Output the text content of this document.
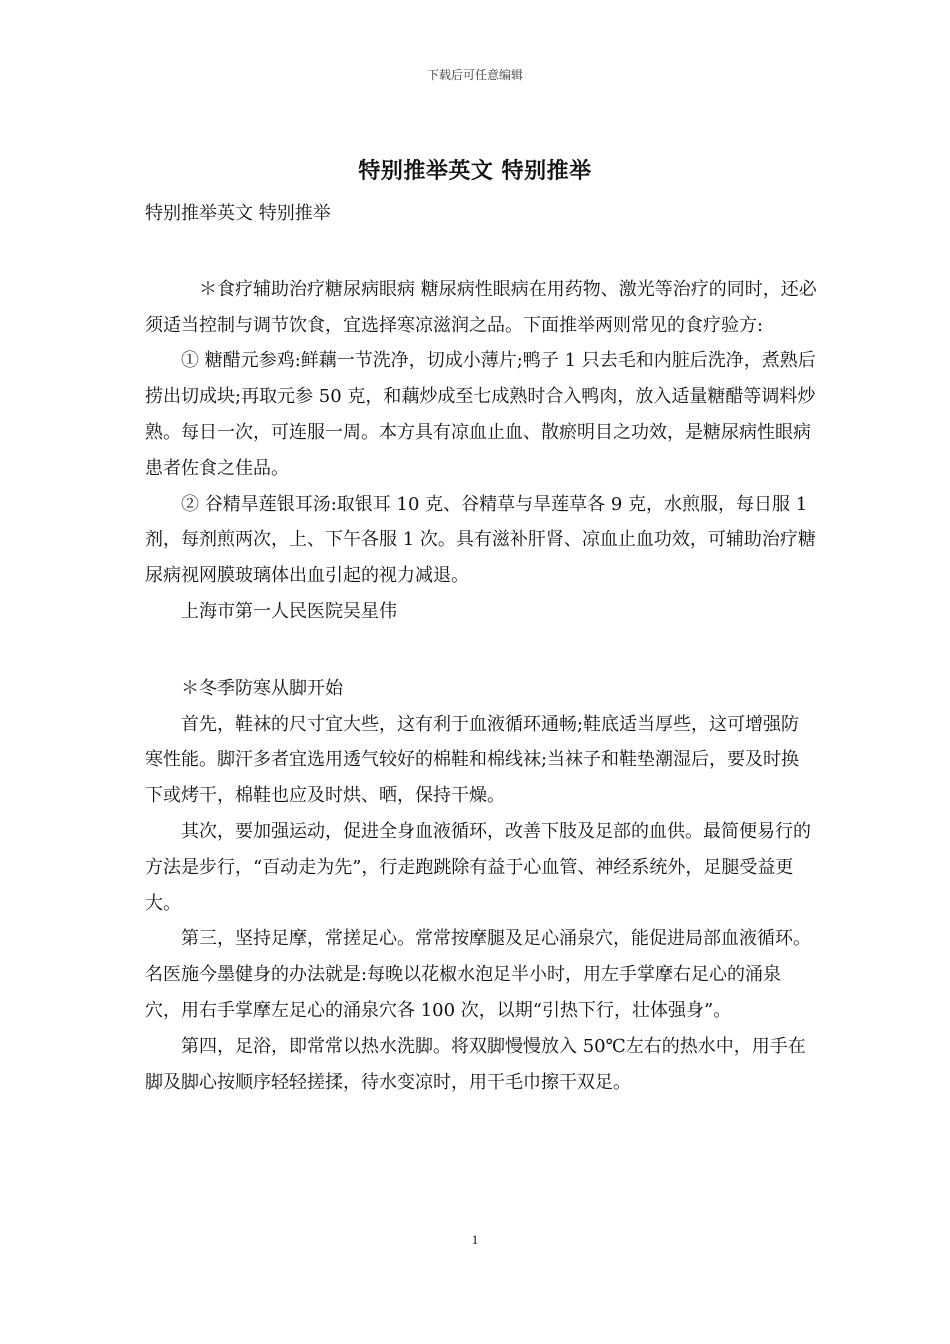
下载后可任意编辑
特别推举英文 特别推举

特别推举英文 特别推举

＊食疗辅助治疗糖尿病眼病 糖尿病性眼病在用药物、激光等治疗的同时，还必须适当控制与调节饮食，宜选择寒凉滋润之品。下面推举两则常见的食疗验方:

① 糖醋元参鸡:鲜藕一节洗净，切成小薄片;鸭子 1 只去毛和内脏后洗净，煮熟后捞出切成块;再取元参 50 克，和藕炒成至七成熟时合入鸭肉，放入适量糖醋等调料炒熟。每日一次，可连服一周。本方具有凉血止血、散瘀明目之功效，是糖尿病性眼病患者佐食之佳品。

② 谷精旱莲银耳汤:取银耳 10 克、谷精草与旱莲草各 9 克，水煎服，每日服 1 剂，每剂煎两次，上、下午各服 1 次。具有滋补肝肾、凉血止血功效，可辅助治疗糖尿病视网膜玻璃体出血引起的视力减退。

上海市第一人民医院吴星伟

＊冬季防寒从脚开始

首先，鞋袜的尺寸宜大些，这有利于血液循环通畅;鞋底适当厚些，这可增强防寒性能。脚汗多者宜选用透气较好的棉鞋和棉线袜;当袜子和鞋垫潮湿后，要及时换下或烤干，棉鞋也应及时烘、晒，保持干燥。

其次，要加强运动，促进全身血液循环，改善下肢及足部的血供。最简便易行的方法是步行，“百动走为先”，行走跑跳除有益于心血管、神经系统外，足腿受益更大。

第三，坚持足摩，常搓足心。常常按摩腿及足心涌泉穴，能促进局部血液循环。名医施今墨健身的办法就是:每晚以花椒水泡足半小时，用左手掌摩右足心的涌泉穴，用右手掌摩左足心的涌泉穴各 100 次，以期“引热下行，壮体强身”。

第四，足浴，即常常以热水洗脚。将双脚慢慢放入 50℃左右的热水中，用手在脚及脚心按顺序轻轻搓揉，待水变凉时，用干毛巾擦干双足。

1
